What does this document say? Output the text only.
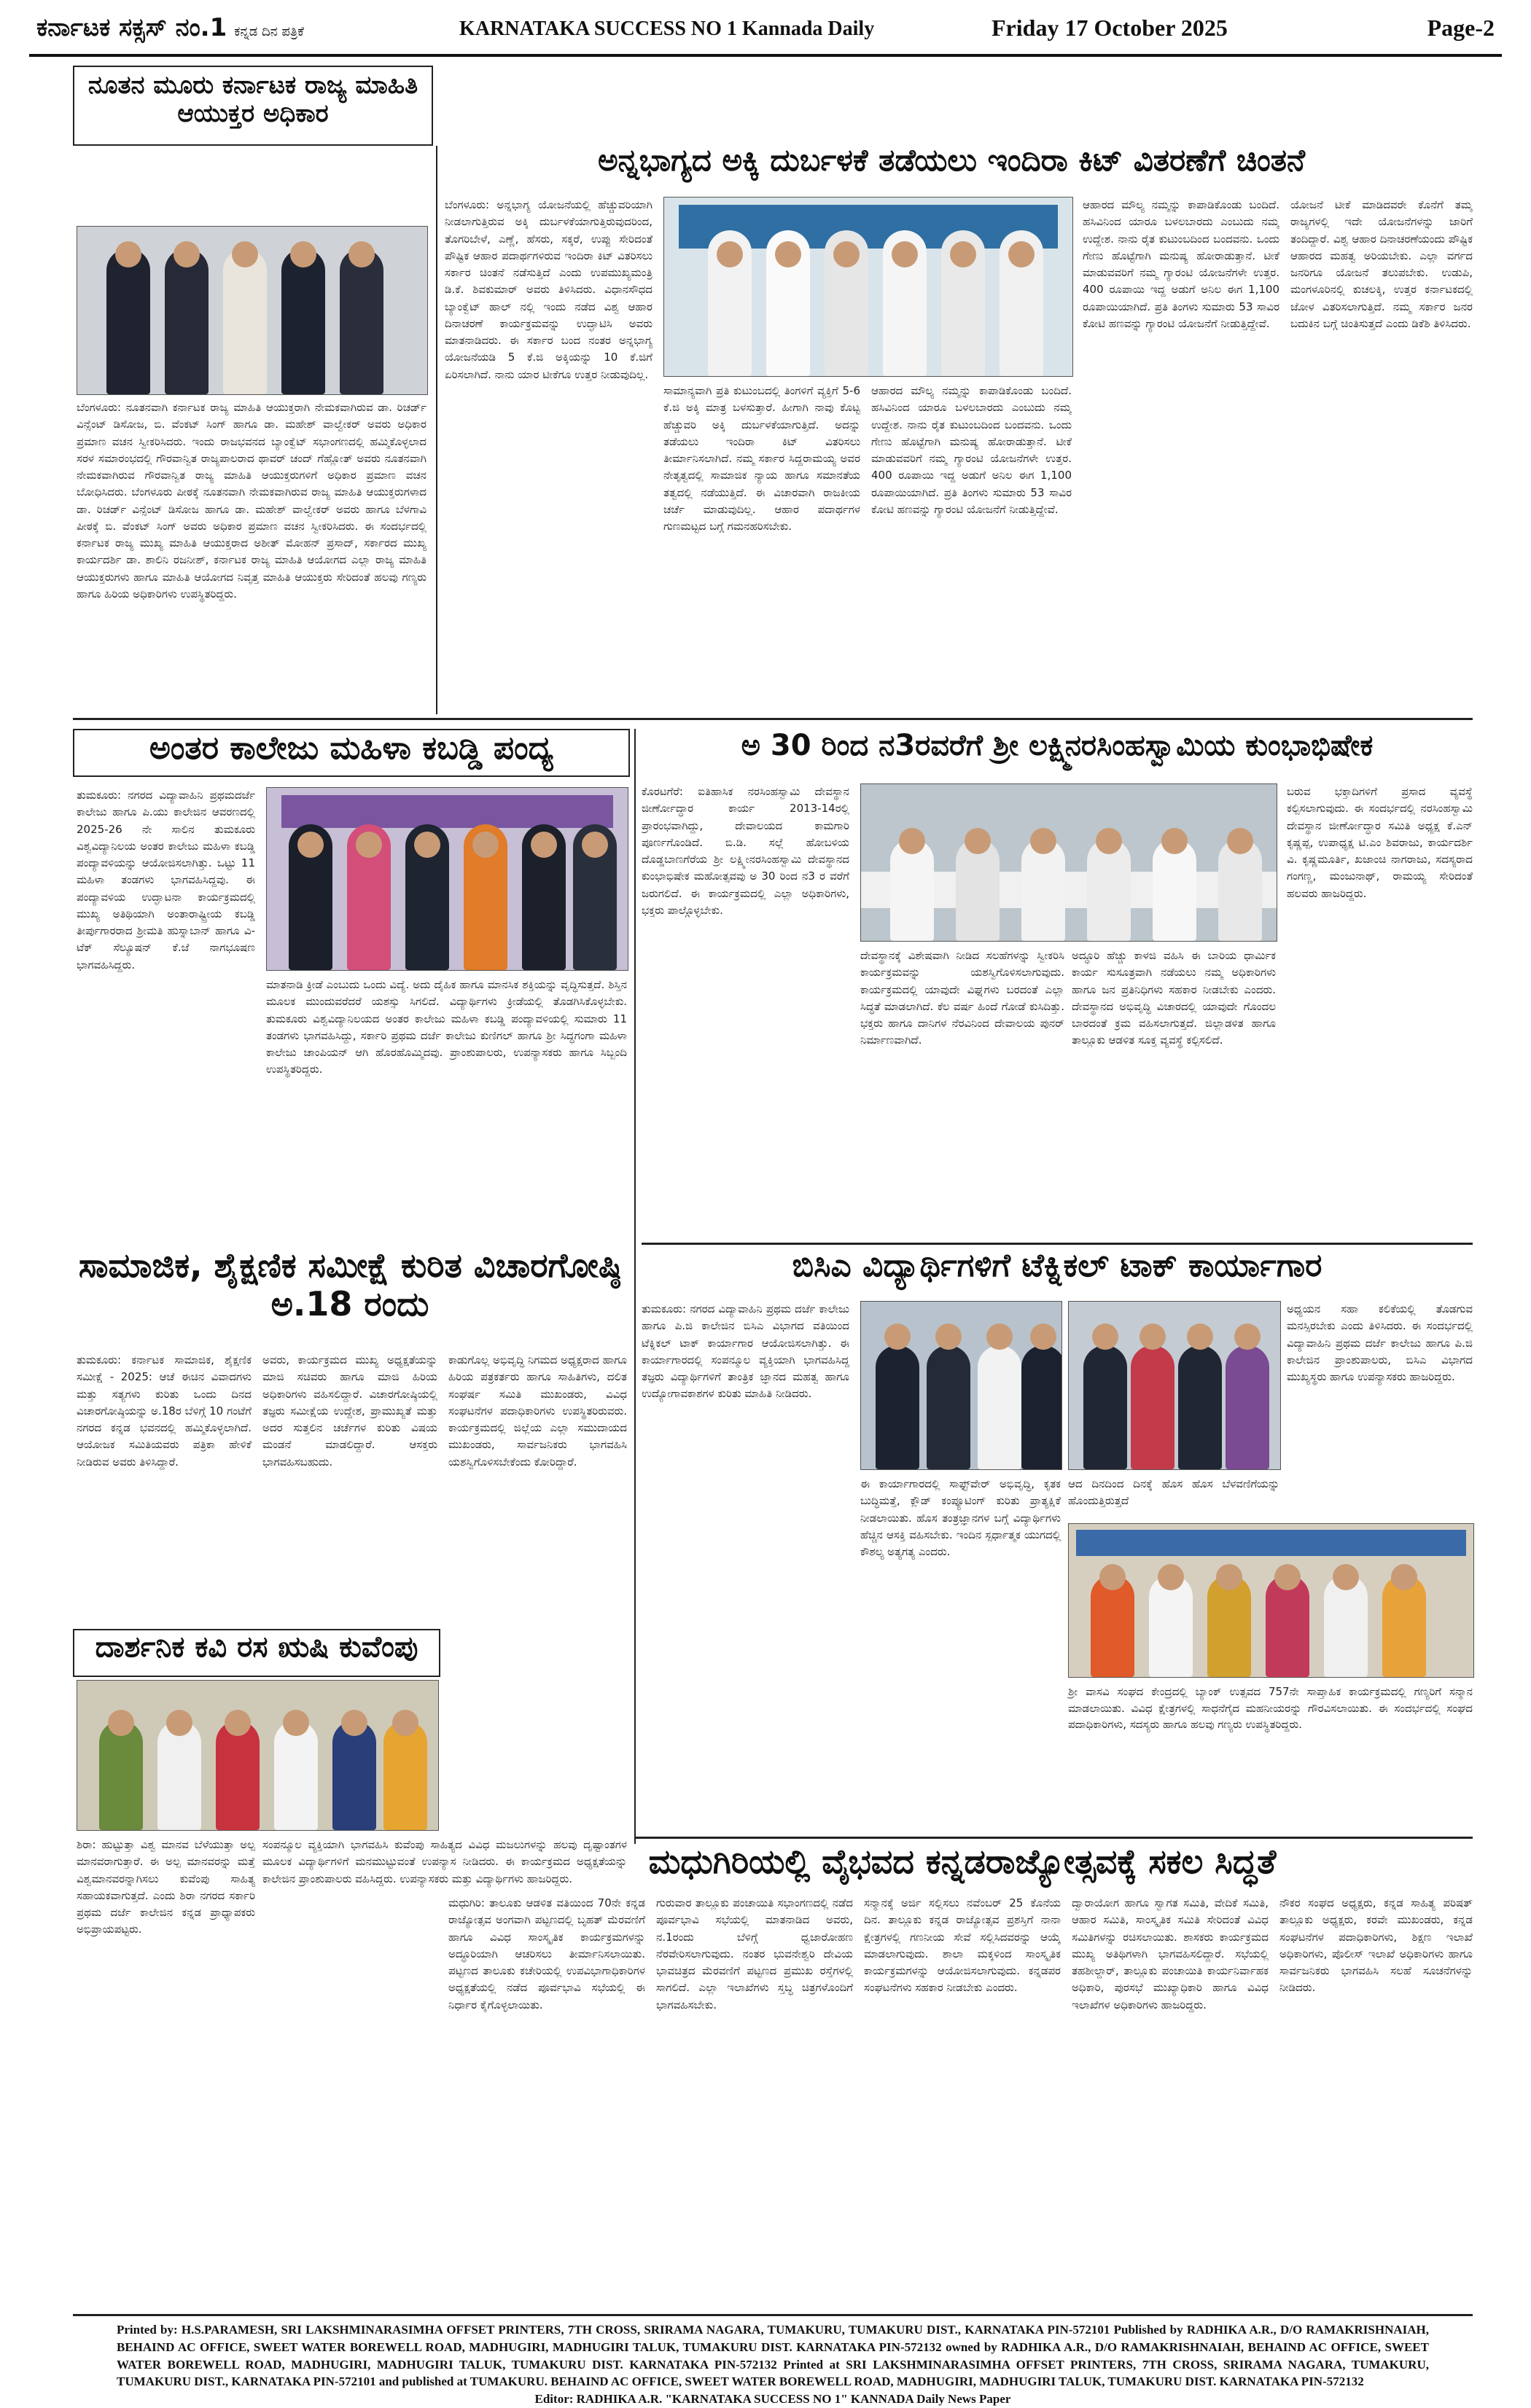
ಕರ್ನಾಟಕ ಸಕ್ಸಸ್ ನಂ.1 ಕನ್ನಡ ದಿನ ಪತ್ರಿಕೆ	KARNATAKA SUCCESS NO 1 Kannada Daily	Friday 17 October 2025	Page-2
ನೂತನ ಮೂರು ಕರ್ನಾಟಕ ರಾಜ್ಯ ಮಾಹಿತಿ ಆಯುಕ್ತರ ಅಧಿಕಾರ
ಬೆಂಗಳೂರು: ನೂತನವಾಗಿ ಕರ್ನಾಟಕ ರಾಜ್ಯ ಮಾಹಿತಿ ಆಯುಕ್ತರಾಗಿ ನೇಮಕವಾಗಿರುವ ಡಾ. ರಿಚರ್ಡ್ ವಿನ್ಸೆಂಟ್ ಡಿಸೋಜ, ಬಿ. ವೆಂಕಟ್ ಸಿಂಗ್ ಹಾಗೂ ಡಾ. ಮಹೇಶ್ ವಾಲ್ವೇಕರ್ ಅವರು ಅಧಿಕಾರ ಪ್ರಮಾಣ ವಚನ ಸ್ವೀಕರಿಸಿದರು. ಇಂದು ರಾಜಭವನದ ಬ್ಯಾಂಕ್ವೆಟ್ ಸಭಾಂಗಣದಲ್ಲಿ ಹಮ್ಮಿಕೊಳ್ಳಲಾದ ಸರಳ ಸಮಾರಂಭದಲ್ಲಿ ಗೌರವಾನ್ವಿತ ರಾಜ್ಯಪಾಲರಾದ ಥಾವರ್ ಚಂದ್ ಗೆಹ್ಲೋತ್ ಅವರು ನೂತನವಾಗಿ ನೇಮಕವಾಗಿರುವ ಗೌರವಾನ್ವಿತ ರಾಜ್ಯ ಮಾಹಿತಿ ಆಯುಕ್ತರುಗಳಿಗೆ ಅಧಿಕಾರ ಪ್ರಮಾಣ ವಚನ ಬೋಧಿಸಿದರು. ಬೆಂಗಳೂರು ಪೀಠಕ್ಕೆ ನೂತನವಾಗಿ ನೇಮಕವಾಗಿರುವ ರಾಜ್ಯ ಮಾಹಿತಿ ಆಯುಕ್ತರುಗಳಾದ ಡಾ. ರಿಚರ್ಡ್ ವಿನ್ಸೆಂಟ್ ಡಿಸೋಜ ಹಾಗೂ ಡಾ. ಮಹೇಶ್ ವಾಲ್ವೇಕರ್ ಅವರು ಹಾಗೂ ಬೆಳಗಾವಿ ಪೀಠಕ್ಕೆ ಬಿ. ವೆಂಕಟ್ ಸಿಂಗ್ ಅವರು ಅಧಿಕಾರ ಪ್ರಮಾಣ ವಚನ ಸ್ವೀಕರಿಸಿದರು. ಈ ಸಂದರ್ಭದಲ್ಲಿ ಕರ್ನಾಟಕ ರಾಜ್ಯ ಮುಖ್ಯ ಮಾಹಿತಿ ಆಯುಕ್ತರಾದ ಅಶೀತ್ ಮೋಹನ್ ಪ್ರಸಾದ್, ಸರ್ಕಾರದ ಮುಖ್ಯ ಕಾರ್ಯದರ್ಶಿ ಡಾ. ಶಾಲಿನಿ ರಜನೀಶ್, ಕರ್ನಾಟಕ ರಾಜ್ಯ ಮಾಹಿತಿ ಆಯೋಗದ ಎಲ್ಲಾ ರಾಜ್ಯ ಮಾಹಿತಿ ಆಯುಕ್ತರುಗಳು ಹಾಗೂ ಮಾಹಿತಿ ಆಯೋಗದ ನಿವೃತ್ತ ಮಾಹಿತಿ ಆಯುಕ್ತರು ಸೇರಿದಂತೆ ಹಲವು ಗಣ್ಯರು ಹಾಗೂ ಹಿರಿಯ ಅಧಿಕಾರಿಗಳು ಉಪಸ್ಥಿತರಿದ್ದರು.
ಅನ್ನಭಾಗ್ಯದ ಅಕ್ಕಿ ದುರ್ಬಳಕೆ ತಡೆಯಲು ಇಂದಿರಾ ಕಿಟ್ ವಿತರಣೆಗೆ ಚಿಂತನೆ
ಬೆಂಗಳೂರು: ಅನ್ನಭಾಗ್ಯ ಯೋಜನೆಯಲ್ಲಿ ಹೆಚ್ಚುವರಿಯಾಗಿ ನೀಡಲಾಗುತ್ತಿರುವ ಅಕ್ಕಿ ದುರ್ಬಳಕೆಯಾಗುತ್ತಿರುವುದರಿಂದ, ತೊಗರಿಬೇಳೆ, ಎಣ್ಣೆ, ಹೆಸರು, ಸಕ್ಕರೆ, ಉಪ್ಪು ಸೇರಿದಂತೆ ಪೌಷ್ಟಿಕ ಆಹಾರ ಪದಾರ್ಥಗಳಿರುವ ಇಂದಿರಾ ಕಿಟ್ ವಿತರಿಸಲು ಸರ್ಕಾರ ಚಿಂತನೆ ನಡೆಸುತ್ತಿದೆ ಎಂದು ಉಪಮುಖ್ಯಮಂತ್ರಿ ಡಿ.ಕೆ. ಶಿವಕುಮಾರ್ ಅವರು ತಿಳಿಸಿದರು. ವಿಧಾನಸೌಧದ ಬ್ಯಾಂಕ್ವೆಟ್ ಹಾಲ್ ನಲ್ಲಿ ಇಂದು ನಡೆದ ವಿಶ್ವ ಆಹಾರ ದಿನಾಚರಣೆ ಕಾರ್ಯಕ್ರಮವನ್ನು ಉದ್ಘಾಟಿಸಿ ಅವರು ಮಾತನಾಡಿದರು. ಈ ಸರ್ಕಾರ ಬಂದ ನಂತರ ಅನ್ನಭಾಗ್ಯ ಯೋಜನೆಯಡಿ 5 ಕೆ.ಜಿ ಅಕ್ಕಿಯನ್ನು 10 ಕೆ.ಜಿಗೆ ಏರಿಸಲಾಗಿದೆ. ನಾನು ಯಾರ ಟೀಕೆಗೂ ಉತ್ತರ ನೀಡುವುದಿಲ್ಲ.
ಸಾಮಾನ್ಯವಾಗಿ ಪ್ರತಿ ಕುಟುಂಬದಲ್ಲಿ ತಿಂಗಳಿಗೆ ವ್ಯಕ್ತಿಗೆ 5-6 ಕೆ.ಜಿ ಅಕ್ಕಿ ಮಾತ್ರ ಬಳಸುತ್ತಾರೆ. ಹೀಗಾಗಿ ನಾವು ಕೊಟ್ಟ ಹೆಚ್ಚುವರಿ ಅಕ್ಕಿ ದುರ್ಬಳಕೆಯಾಗುತ್ತಿದೆ. ಅದನ್ನು ತಡೆಯಲು ಇಂದಿರಾ ಕಿಟ್ ವಿತರಿಸಲು ತೀರ್ಮಾನಿಸಲಾಗಿದೆ. ನಮ್ಮ ಸರ್ಕಾರ ಸಿದ್ದರಾಮಯ್ಯ ಅವರ ನೇತೃತ್ವದಲ್ಲಿ ಸಾಮಾಜಿಕ ನ್ಯಾಯ ಹಾಗೂ ಸಮಾನತೆಯ ತತ್ವದಲ್ಲಿ ನಡೆಯುತ್ತಿದೆ. ಈ ವಿಚಾರವಾಗಿ ರಾಜಕೀಯ ಚರ್ಚೆ ಮಾಡುವುದಿಲ್ಲ. ಆಹಾರ ಪದಾರ್ಥಗಳ ಗುಣಮಟ್ಟದ ಬಗ್ಗೆ ಗಮನಹರಿಸಬೇಕು.
ಆಹಾರದ ಮೌಲ್ಯ ನಮ್ಮನ್ನು ಕಾಪಾಡಿಕೊಂಡು ಬಂದಿದೆ. ಹಸಿವಿನಿಂದ ಯಾರೂ ಬಳಲಬಾರದು ಎಂಬುದು ನಮ್ಮ ಉದ್ದೇಶ. ನಾನು ರೈತ ಕುಟುಂಬದಿಂದ ಬಂದವನು. ಒಂದು ಗೇಣು ಹೊಟ್ಟೆಗಾಗಿ ಮನುಷ್ಯ ಹೋರಾಡುತ್ತಾನೆ. ಟೀಕೆ ಮಾಡುವವರಿಗೆ ನಮ್ಮ ಗ್ಯಾರಂಟಿ ಯೋಜನೆಗಳೇ ಉತ್ತರ. 400 ರೂಪಾಯಿ ಇದ್ದ ಅಡುಗೆ ಅನಿಲ ಈಗ 1,100 ರೂಪಾಯಿಯಾಗಿದೆ. ಪ್ರತಿ ತಿಂಗಳು ಸುಮಾರು 53 ಸಾವಿರ ಕೋಟಿ ಹಣವನ್ನು ಗ್ಯಾರಂಟಿ ಯೋಜನೆಗೆ ನೀಡುತ್ತಿದ್ದೇವೆ.
ಆಹಾರದ ಮೌಲ್ಯ ನಮ್ಮನ್ನು ಕಾಪಾಡಿಕೊಂಡು ಬಂದಿದೆ. ಹಸಿವಿನಿಂದ ಯಾರೂ ಬಳಲಬಾರದು ಎಂಬುದು ನಮ್ಮ ಉದ್ದೇಶ. ನಾನು ರೈತ ಕುಟುಂಬದಿಂದ ಬಂದವನು. ಒಂದು ಗೇಣು ಹೊಟ್ಟೆಗಾಗಿ ಮನುಷ್ಯ ಹೋರಾಡುತ್ತಾನೆ. ಟೀಕೆ ಮಾಡುವವರಿಗೆ ನಮ್ಮ ಗ್ಯಾರಂಟಿ ಯೋಜನೆಗಳೇ ಉತ್ತರ. 400 ರೂಪಾಯಿ ಇದ್ದ ಅಡುಗೆ ಅನಿಲ ಈಗ 1,100 ರೂಪಾಯಿಯಾಗಿದೆ. ಪ್ರತಿ ತಿಂಗಳು ಸುಮಾರು 53 ಸಾವಿರ ಕೋಟಿ ಹಣವನ್ನು ಗ್ಯಾರಂಟಿ ಯೋಜನೆಗೆ ನೀಡುತ್ತಿದ್ದೇವೆ.
ಯೋಜನೆ ಟೀಕೆ ಮಾಡಿದವರೇ ಕೊನೆಗೆ ತಮ್ಮ ರಾಜ್ಯಗಳಲ್ಲಿ ಇದೇ ಯೋಜನೆಗಳನ್ನು ಜಾರಿಗೆ ತಂದಿದ್ದಾರೆ. ವಿಶ್ವ ಆಹಾರ ದಿನಾಚರಣೆಯಂದು ಪೌಷ್ಟಿಕ ಆಹಾರದ ಮಹತ್ವ ಅರಿಯಬೇಕು. ಎಲ್ಲಾ ವರ್ಗದ ಜನರಿಗೂ ಯೋಜನೆ ತಲುಪಬೇಕು. ಉಡುಪಿ, ಮಂಗಳೂರಿನಲ್ಲಿ ಕುಚಲಕ್ಕಿ, ಉತ್ತರ ಕರ್ನಾಟಕದಲ್ಲಿ ಜೋಳ ವಿತರಿಸಲಾಗುತ್ತಿದೆ. ನಮ್ಮ ಸರ್ಕಾರ ಜನರ ಬದುಕಿನ ಬಗ್ಗೆ ಚಿಂತಿಸುತ್ತದೆ ಎಂದು ಡಿಕೆಶಿ ತಿಳಿಸಿದರು.
ಅಂತರ ಕಾಲೇಜು ಮಹಿಳಾ ಕಬಡ್ಡಿ ಪಂದ್ಯ
ತುಮಕೂರು: ನಗರದ ವಿದ್ಯಾವಾಹಿನಿ ಪ್ರಥಮದರ್ಜೆ ಕಾಲೇಜು ಹಾಗೂ ಪಿ.ಯು ಕಾಲೇಜಿನ ಆವರಣದಲ್ಲಿ 2025-26 ನೇ ಸಾಲಿನ ತುಮಕೂರು ವಿಶ್ವವಿದ್ಯಾನಿಲಯ ಅಂತರ ಕಾಲೇಜು ಮಹಿಳಾ ಕಬಡ್ಡಿ ಪಂದ್ಯಾವಳಿಯನ್ನು ಆಯೋಜಿಸಲಾಗಿತ್ತು. ಒಟ್ಟು 11 ಮಹಿಳಾ ತಂಡಗಳು ಭಾಗವಹಿಸಿದ್ದವು. ಈ ಪಂದ್ಯಾವಳಿಯ ಉದ್ಘಾಟನಾ ಕಾರ್ಯಕ್ರಮದಲ್ಲಿ ಮುಖ್ಯ ಅತಿಥಿಯಾಗಿ ಅಂತಾರಾಷ್ಟ್ರೀಯ ಕಬಡ್ಡಿ ತೀರ್ಪುಗಾರರಾದ ಶ್ರೀಮತಿ ಹುಸ್ನಾಬಾನ್ ಹಾಗೂ ವಿ-ಟೆಕ್ ಸೆಲ್ಯೂಷನ್ ಕೆ.ಜೆ ನಾಗಭೂಷಣ ಭಾಗವಹಿಸಿದ್ದರು.
ಮಾತನಾಡಿ ಕ್ರೀಡೆ ಎಂಬುದು ಒಂದು ವಿದ್ಯೆ. ಅದು ದೈಹಿಕ ಹಾಗೂ ಮಾನಸಿಕ ಶಕ್ತಿಯನ್ನು ವೃದ್ಧಿಸುತ್ತದೆ. ಶಿಸ್ತಿನ ಮೂಲಕ ಮುಂದುವರೆದರೆ ಯಶಸ್ಸು ಸಿಗಲಿದೆ. ವಿದ್ಯಾರ್ಥಿಗಳು ಕ್ರೀಡೆಯಲ್ಲಿ ತೊಡಗಿಸಿಕೊಳ್ಳಬೇಕು. ತುಮಕೂರು ವಿಶ್ವವಿದ್ಯಾನಿಲಯದ ಅಂತರ ಕಾಲೇಜು ಮಹಿಳಾ ಕಬಡ್ಡಿ ಪಂದ್ಯಾವಳಿಯಲ್ಲಿ ಸುಮಾರು 11 ತಂಡಗಳು ಭಾಗವಹಿಸಿದ್ದು, ಸರ್ಕಾರಿ ಪ್ರಥಮ ದರ್ಜೆ ಕಾಲೇಜು ಕುಣಿಗಲ್ ಹಾಗೂ ಶ್ರೀ ಸಿದ್ಧಗಂಗಾ ಮಹಿಳಾ ಕಾಲೇಜು ಚಾಂಪಿಯನ್ ಆಗಿ ಹೊರಹೊಮ್ಮಿದವು. ಪ್ರಾಂಶುಪಾಲರು, ಉಪನ್ಯಾಸಕರು ಹಾಗೂ ಸಿಬ್ಬಂದಿ ಉಪಸ್ಥಿತರಿದ್ದರು.
ಅ 30 ರಿಂದ ನ3ರವರೆಗೆ ಶ್ರೀ ಲಕ್ಷ್ಮಿನರಸಿಂಹಸ್ವಾಮಿಯ ಕುಂಭಾಭಿಷೇಕ
ಕೊರಟಗೆರೆ: ಐತಿಹಾಸಿಕ ನರಸಿಂಹಸ್ವಾಮಿ ದೇವಸ್ಥಾನ ಜೀರ್ಣೋದ್ಧಾರ ಕಾರ್ಯ 2013-14ರಲ್ಲಿ ಪ್ರಾರಂಭವಾಗಿದ್ದು, ದೇವಾಲಯದ ಕಾಮಗಾರಿ ಪೂರ್ಣಗೊಂಡಿದೆ. ಬಿ.ಡಿ. ಸಲ್ಲೆ ಹೋಬಳಿಯ ದೊಡ್ಡಬಾಣಗೆರೆಯ ಶ್ರೀ ಲಕ್ಷ್ಮೀನರಸಿಂಹಸ್ವಾಮಿ ದೇವಸ್ಥಾನದ ಕುಂಭಾಭಿಷೇಕ ಮಹೋತ್ಸವವು ಅ 30 ರಿಂದ ನ3 ರ ವರೆಗೆ ಜರುಗಲಿದೆ. ಈ ಕಾರ್ಯಕ್ರಮದಲ್ಲಿ ಎಲ್ಲಾ ಅಧಿಕಾರಿಗಳು, ಭಕ್ತರು ಪಾಲ್ಗೊಳ್ಳಬೇಕು.
ದೇವಸ್ಥಾನಕ್ಕೆ ವಿಶೇಷವಾಗಿ ನೀಡಿದ ಸಲಹೆಗಳನ್ನು ಸ್ವೀಕರಿಸಿ ಕಾರ್ಯಕ್ರಮವನ್ನು ಯಶಸ್ವಿಗೊಳಿಸಲಾಗುವುದು. ಕಾರ್ಯಕ್ರಮದಲ್ಲಿ ಯಾವುದೇ ವಿಘ್ನಗಳು ಬರದಂತೆ ಎಲ್ಲಾ ಸಿದ್ಧತೆ ಮಾಡಲಾಗಿದೆ. ಕೆಲ ವರ್ಷ ಹಿಂದೆ ಗೋಡೆ ಕುಸಿದಿತ್ತು. ಭಕ್ತರು ಹಾಗೂ ದಾನಿಗಳ ನೆರವಿನಿಂದ ದೇವಾಲಯ ಪುನರ್ ನಿರ್ಮಾಣವಾಗಿದೆ.
ಅದ್ಧೂರಿ ಹೆಚ್ಚು ಕಾಳಜಿ ವಹಿಸಿ ಈ ಬಾರಿಯ ಧಾರ್ಮಿಕ ಕಾರ್ಯ ಸುಸೂತ್ರವಾಗಿ ನಡೆಯಲು ನಮ್ಮ ಅಧಿಕಾರಿಗಳು ಹಾಗೂ ಜನ ಪ್ರತಿನಿಧಿಗಳು ಸಹಕಾರ ನೀಡಬೇಕು ಎಂದರು. ದೇವಸ್ಥಾನದ ಅಭಿವೃದ್ಧಿ ವಿಚಾರದಲ್ಲಿ ಯಾವುದೇ ಗೊಂದಲ ಬಾರದಂತೆ ಕ್ರಮ ವಹಿಸಲಾಗುತ್ತದೆ. ಜಿಲ್ಲಾಡಳಿತ ಹಾಗೂ ತಾಲ್ಲೂಕು ಆಡಳಿತ ಸೂಕ್ತ ವ್ಯವಸ್ಥೆ ಕಲ್ಪಿಸಲಿದೆ.
ಬರುವ ಭಕ್ತಾದಿಗಳಿಗೆ ಪ್ರಸಾದ ವ್ಯವಸ್ಥೆ ಕಲ್ಪಿಸಲಾಗುವುದು. ಈ ಸಂದರ್ಭದಲ್ಲಿ ನರಸಿಂಹಸ್ವಾಮಿ ದೇವಸ್ಥಾನ ಜೀರ್ಣೋದ್ಧಾರ ಸಮಿತಿ ಅಧ್ಯಕ್ಷ ಕೆ.ಎನ್ ಕೃಷ್ಣಪ್ಪ, ಉಪಾಧ್ಯಕ್ಷ ಟಿ.ಎಂ ಶಿವರಾಜು, ಕಾರ್ಯದರ್ಶಿ ವಿ. ಕೃಷ್ಣಮೂರ್ತಿ, ಖಜಾಂಚಿ ನಾಗರಾಜು, ಸದಸ್ಯರಾದ ಗಂಗಣ್ಣ, ಮಂಜುನಾಥ್, ರಾಮಯ್ಯ ಸೇರಿದಂತೆ ಹಲವರು ಹಾಜರಿದ್ದರು.
ಸಾಮಾಜಿಕ, ಶೈಕ್ಷಣಿಕ ಸಮೀಕ್ಷೆ ಕುರಿತ ವಿಚಾರಗೋಷ್ಠಿ ಅ.18 ರಂದು
ತುಮಕೂರು: ಕರ್ನಾಟಕ ಸಾಮಾಜಿಕ, ಶೈಕ್ಷಣಿಕ ಸಮೀಕ್ಷೆ - 2025: ಆಚೆ ಈಚಿನ ವಿವಾದಗಳು ಮತ್ತು ಸತ್ಯಗಳು ಕುರಿತು ಒಂದು ದಿನದ ವಿಚಾರಗೋಷ್ಠಿಯನ್ನು ಅ.18ರ ಬೆಳಿಗ್ಗೆ 10 ಗಂಟೆಗೆ ನಗರದ ಕನ್ನಡ ಭವನದಲ್ಲಿ ಹಮ್ಮಿಕೊಳ್ಳಲಾಗಿದೆ. ಆಯೋಜಕ ಸಮಿತಿಯವರು ಪತ್ರಿಕಾ ಹೇಳಿಕೆ ನೀಡಿರುವ ಅವರು ತಿಳಿಸಿದ್ದಾರೆ.
ಅವರು, ಕಾರ್ಯಕ್ರಮದ ಮುಖ್ಯ ಅಧ್ಯಕ್ಷತೆಯನ್ನು ಮಾಜಿ ಸಚಿವರು ಹಾಗೂ ಮಾಜಿ ಹಿರಿಯ ಅಧಿಕಾರಿಗಳು ವಹಿಸಲಿದ್ದಾರೆ. ವಿಚಾರಗೋಷ್ಠಿಯಲ್ಲಿ ತಜ್ಞರು ಸಮೀಕ್ಷೆಯ ಉದ್ದೇಶ, ಪ್ರಾಮುಖ್ಯತೆ ಮತ್ತು ಅದರ ಸುತ್ತಲಿನ ಚರ್ಚೆಗಳ ಕುರಿತು ವಿಷಯ ಮಂಡನೆ ಮಾಡಲಿದ್ದಾರೆ. ಆಸಕ್ತರು ಭಾಗವಹಿಸಬಹುದು.
ಕಾಡುಗೊಲ್ಲ ಅಭಿವೃದ್ಧಿ ನಿಗಮದ ಅಧ್ಯಕ್ಷರಾದ ಹಾಗೂ ಹಿರಿಯ ಪತ್ರಕರ್ತರು ಹಾಗೂ ಸಾಹಿತಿಗಳು, ದಲಿತ ಸಂಘರ್ಷ ಸಮಿತಿ ಮುಖಂಡರು, ವಿವಿಧ ಸಂಘಟನೆಗಳ ಪದಾಧಿಕಾರಿಗಳು ಉಪಸ್ಥಿತರಿರುವರು. ಕಾರ್ಯಕ್ರಮದಲ್ಲಿ ಜಿಲ್ಲೆಯ ಎಲ್ಲಾ ಸಮುದಾಯದ ಮುಖಂಡರು, ಸಾರ್ವಜನಿಕರು ಭಾಗವಹಿಸಿ ಯಶಸ್ವಿಗೊಳಿಸಬೇಕೆಂದು ಕೋರಿದ್ದಾರೆ.
ದಾರ್ಶನಿಕ ಕವಿ ರಸ ಋಷಿ ಕುವೆಂಪು
ಶಿರಾ: ಹುಟ್ಟುತ್ತಾ ವಿಶ್ವ ಮಾನವ ಬೆಳೆಯುತ್ತಾ ಅಲ್ಪ ಮಾನವರಾಗುತ್ತಾರೆ. ಈ ಅಲ್ಪ ಮಾನವರನ್ನು ಮತ್ತೆ ವಿಶ್ವಮಾನವರನ್ನಾಗಿಸಲು ಕುವೆಂಪು ಸಾಹಿತ್ಯ ಸಹಾಯಕವಾಗುತ್ತದೆ. ಎಂದು ಶಿರಾ ನಗರದ ಸರ್ಕಾರಿ ಪ್ರಥಮ ದರ್ಜೆ ಕಾಲೇಜಿನ ಕನ್ನಡ ಪ್ರಾಧ್ಯಾಪಕರು ಅಭಿಪ್ರಾಯಪಟ್ಟರು.
ಸಂಪನ್ಮೂಲ ವ್ಯಕ್ತಿಯಾಗಿ ಭಾಗವಹಿಸಿ ಕುವೆಂಪು ಸಾಹಿತ್ಯದ ವಿವಿಧ ಮಜಲುಗಳನ್ನು ಹಲವು ದೃಷ್ಟಾಂತಗಳ ಮೂಲಕ ವಿದ್ಯಾರ್ಥಿಗಳಿಗೆ ಮನಮುಟ್ಟುವಂತೆ ಉಪನ್ಯಾಸ ನೀಡಿದರು. ಈ ಕಾರ್ಯಕ್ರಮದ ಅಧ್ಯಕ್ಷತೆಯನ್ನು ಕಾಲೇಜಿನ ಪ್ರಾಂಶುಪಾಲರು ವಹಿಸಿದ್ದರು. ಉಪನ್ಯಾಸಕರು ಮತ್ತು ವಿದ್ಯಾರ್ಥಿಗಳು ಹಾಜರಿದ್ದರು.
ಬಿಸಿಎ ವಿದ್ಯಾರ್ಥಿಗಳಿಗೆ ಟೆಕ್ನಿಕಲ್ ಟಾಕ್ ಕಾರ್ಯಾಗಾರ
ತುಮಕೂರು: ನಗರದ ವಿದ್ಯಾವಾಹಿನಿ ಪ್ರಥಮ ದರ್ಜೆ ಕಾಲೇಜು ಹಾಗೂ ಪಿ.ಜಿ ಕಾಲೇಜಿನ ಬಿಸಿಎ ವಿಭಾಗದ ವತಿಯಿಂದ ಟೆಕ್ನಿಕಲ್ ಟಾಕ್ ಕಾರ್ಯಾಗಾರ ಆಯೋಜಿಸಲಾಗಿತ್ತು. ಈ ಕಾರ್ಯಾಗಾರದಲ್ಲಿ ಸಂಪನ್ಮೂಲ ವ್ಯಕ್ತಿಯಾಗಿ ಭಾಗವಹಿಸಿದ್ದ ತಜ್ಞರು ವಿದ್ಯಾರ್ಥಿಗಳಿಗೆ ತಾಂತ್ರಿಕ ಜ್ಞಾನದ ಮಹತ್ವ ಹಾಗೂ ಉದ್ಯೋಗಾವಕಾಶಗಳ ಕುರಿತು ಮಾಹಿತಿ ನೀಡಿದರು.
ಈ ಕಾರ್ಯಾಗಾರದಲ್ಲಿ ಸಾಫ್ಟ್‌ವೇರ್ ಅಭಿವೃದ್ಧಿ, ಕೃತಕ ಬುದ್ಧಿಮತ್ತೆ, ಕ್ಲೌಡ್ ಕಂಪ್ಯೂಟಿಂಗ್ ಕುರಿತು ಪ್ರಾತ್ಯಕ್ಷಿಕೆ ನೀಡಲಾಯಿತು. ಹೊಸ ತಂತ್ರಜ್ಞಾನಗಳ ಬಗ್ಗೆ ವಿದ್ಯಾರ್ಥಿಗಳು ಹೆಚ್ಚಿನ ಆಸಕ್ತಿ ವಹಿಸಬೇಕು. ಇಂದಿನ ಸ್ಪರ್ಧಾತ್ಮಕ ಯುಗದಲ್ಲಿ ಕೌಶಲ್ಯ ಅತ್ಯಗತ್ಯ ಎಂದರು.
ಆದ ದಿನದಿಂದ ದಿನಕ್ಕೆ ಹೊಸ ಹೊಸ ಬೆಳವಣಿಗೆಯನ್ನು ಹೊಂದುತ್ತಿರುತ್ತದೆ
ಅಧ್ಯಯನ ಸಹಾ ಕಲಿಕೆಯಲ್ಲಿ ತೊಡಗುವ ಮನಸ್ಸಿರಬೇಕು ಎಂದು ತಿಳಿಸಿದರು. ಈ ಸಂದರ್ಭದಲ್ಲಿ ವಿದ್ಯಾವಾಹಿನಿ ಪ್ರಥಮ ದರ್ಜೆ ಕಾಲೇಜು ಹಾಗೂ ಪಿ.ಜಿ ಕಾಲೇಜಿನ ಪ್ರಾಂಶುಪಾಲರು, ಬಿಸಿಎ ವಿಭಾಗದ ಮುಖ್ಯಸ್ಥರು ಹಾಗೂ ಉಪನ್ಯಾಸಕರು ಹಾಜರಿದ್ದರು.
ಶ್ರೀ ವಾಸವಿ ಸಂಘದ ಕೇಂದ್ರದಲ್ಲಿ ಬ್ಯಾಂಕ್ ಉತ್ಸವದ 757ನೇ ಸಾಪ್ತಾಹಿಕ ಕಾರ್ಯಕ್ರಮದಲ್ಲಿ ಗಣ್ಯರಿಗೆ ಸನ್ಮಾನ ಮಾಡಲಾಯಿತು. ವಿವಿಧ ಕ್ಷೇತ್ರಗಳಲ್ಲಿ ಸಾಧನೆಗೈದ ಮಹನೀಯರನ್ನು ಗೌರವಿಸಲಾಯಿತು. ಈ ಸಂದರ್ಭದಲ್ಲಿ ಸಂಘದ ಪದಾಧಿಕಾರಿಗಳು, ಸದಸ್ಯರು ಹಾಗೂ ಹಲವು ಗಣ್ಯರು ಉಪಸ್ಥಿತರಿದ್ದರು.
ಮಧುಗಿರಿಯಲ್ಲಿ ವೈಭವದ ಕನ್ನಡರಾಜ್ಯೋತ್ಸವಕ್ಕೆ ಸಕಲ ಸಿದ್ಧತೆ
ಮಧುಗಿರಿ: ತಾಲೂಕು ಆಡಳಿತ ವತಿಯಿಂದ 70ನೇ ಕನ್ನಡ ರಾಜ್ಯೋತ್ಸವ ಅಂಗವಾಗಿ ಪಟ್ಟಣದಲ್ಲಿ ಬೃಹತ್ ಮೆರವಣಿಗೆ ಹಾಗೂ ವಿವಿಧ ಸಾಂಸ್ಕೃತಿಕ ಕಾರ್ಯಕ್ರಮಗಳನ್ನು ಅದ್ಧೂರಿಯಾಗಿ ಆಚರಿಸಲು ತೀರ್ಮಾನಿಸಲಾಯಿತು. ಪಟ್ಟಣದ ತಾಲೂಕು ಕಚೇರಿಯಲ್ಲಿ ಉಪವಿಭಾಗಾಧಿಕಾರಿಗಳ ಅಧ್ಯಕ್ಷತೆಯಲ್ಲಿ ನಡೆದ ಪೂರ್ವಭಾವಿ ಸಭೆಯಲ್ಲಿ ಈ ನಿರ್ಧಾರ ಕೈಗೊಳ್ಳಲಾಯಿತು.
ಗುರುವಾರ ತಾಲ್ಲೂಕು ಪಂಚಾಯಿತಿ ಸಭಾಂಗಣದಲ್ಲಿ ನಡೆದ ಪೂರ್ವಭಾವಿ ಸಭೆಯಲ್ಲಿ ಮಾತನಾಡಿದ ಅವರು, ನ.1ರಂದು ಬೆಳಿಗ್ಗೆ ಧ್ವಜಾರೋಹಣ ನೆರವೇರಿಸಲಾಗುವುದು. ನಂತರ ಭುವನೇಶ್ವರಿ ದೇವಿಯ ಭಾವಚಿತ್ರದ ಮೆರವಣಿಗೆ ಪಟ್ಟಣದ ಪ್ರಮುಖ ರಸ್ತೆಗಳಲ್ಲಿ ಸಾಗಲಿದೆ. ಎಲ್ಲಾ ಇಲಾಖೆಗಳು ಸ್ತಬ್ಧ ಚಿತ್ರಗಳೊಂದಿಗೆ ಭಾಗವಹಿಸಬೇಕು.
ಸನ್ಮಾನಕ್ಕೆ ಅರ್ಜಿ ಸಲ್ಲಿಸಲು ನವೆಂಬರ್ 25 ಕೊನೆಯ ದಿನ. ತಾಲ್ಲೂಕು ಕನ್ನಡ ರಾಜ್ಯೋತ್ಸವ ಪ್ರಶಸ್ತಿಗೆ ನಾನಾ ಕ್ಷೇತ್ರಗಳಲ್ಲಿ ಗಣನೀಯ ಸೇವೆ ಸಲ್ಲಿಸಿದವರನ್ನು ಆಯ್ಕೆ ಮಾಡಲಾಗುವುದು. ಶಾಲಾ ಮಕ್ಕಳಿಂದ ಸಾಂಸ್ಕೃತಿಕ ಕಾರ್ಯಕ್ರಮಗಳನ್ನು ಆಯೋಜಿಸಲಾಗುವುದು. ಕನ್ನಡಪರ ಸಂಘಟನೆಗಳು ಸಹಕಾರ ನೀಡಬೇಕು ಎಂದರು.
ದ್ವಾರಾಯೋಗ ಹಾಗೂ ಸ್ವಾಗತ ಸಮಿತಿ, ವೇದಿಕೆ ಸಮಿತಿ, ಆಹಾರ ಸಮಿತಿ, ಸಾಂಸ್ಕೃತಿಕ ಸಮಿತಿ ಸೇರಿದಂತೆ ವಿವಿಧ ಸಮಿತಿಗಳನ್ನು ರಚಿಸಲಾಯಿತು. ಶಾಸಕರು ಕಾರ್ಯಕ್ರಮದ ಮುಖ್ಯ ಅತಿಥಿಗಳಾಗಿ ಭಾಗವಹಿಸಲಿದ್ದಾರೆ. ಸಭೆಯಲ್ಲಿ ತಹಶೀಲ್ದಾರ್, ತಾಲ್ಲೂಕು ಪಂಚಾಯಿತಿ ಕಾರ್ಯನಿರ್ವಾಹಕ ಅಧಿಕಾರಿ, ಪುರಸಭೆ ಮುಖ್ಯಾಧಿಕಾರಿ ಹಾಗೂ ವಿವಿಧ ಇಲಾಖೆಗಳ ಅಧಿಕಾರಿಗಳು ಹಾಜರಿದ್ದರು.
ನೌಕರ ಸಂಘದ ಅಧ್ಯಕ್ಷರು, ಕನ್ನಡ ಸಾಹಿತ್ಯ ಪರಿಷತ್ ತಾಲ್ಲೂಕು ಅಧ್ಯಕ್ಷರು, ಕರವೇ ಮುಖಂಡರು, ಕನ್ನಡ ಸಂಘಟನೆಗಳ ಪದಾಧಿಕಾರಿಗಳು, ಶಿಕ್ಷಣ ಇಲಾಖೆ ಅಧಿಕಾರಿಗಳು, ಪೊಲೀಸ್ ಇಲಾಖೆ ಅಧಿಕಾರಿಗಳು ಹಾಗೂ ಸಾರ್ವಜನಿಕರು ಭಾಗವಹಿಸಿ ಸಲಹೆ ಸೂಚನೆಗಳನ್ನು ನೀಡಿದರು.
Printed by: H.S.PARAMESH, SRI LAKSHMINARASIMHA OFFSET PRINTERS, 7TH CROSS, SRIRAMA NAGARA, TUMAKURU, TUMAKURU DIST., KARNATAKA PIN-572101 Published by RADHIKA A.R., D/O RAMAKRISHNAIAH, BEHAIND AC OFFICE, SWEET WATER BOREWELL ROAD, MADHUGIRI, MADHUGIRI TALUK, TUMAKURU DIST. KARNATAKA PIN-572132 owned by RADHIKA A.R., D/O RAMAKRISHNAIAH, BEHAIND AC OFFICE, SWEET WATER BOREWELL ROAD, MADHUGIRI, MADHUGIRI TALUK, TUMAKURU DIST. KARNATAKA PIN-572132 Printed at SRI LAKSHMINARASIMHA OFFSET PRINTERS, 7TH CROSS, SRIRAMA NAGARA, TUMAKURU, TUMAKURU DIST., KARNATAKA PIN-572101 and published at TUMAKURU. BEHAIND AC OFFICE, SWEET WATER BOREWELL ROAD, MADHUGIRI, MADHUGIRI TALUK, TUMAKURU DIST. KARNATAKA PIN-572132
Editor: RADHIKA A.R. "KARNATAKA SUCCESS NO 1" KANNADA Daily News Paper
